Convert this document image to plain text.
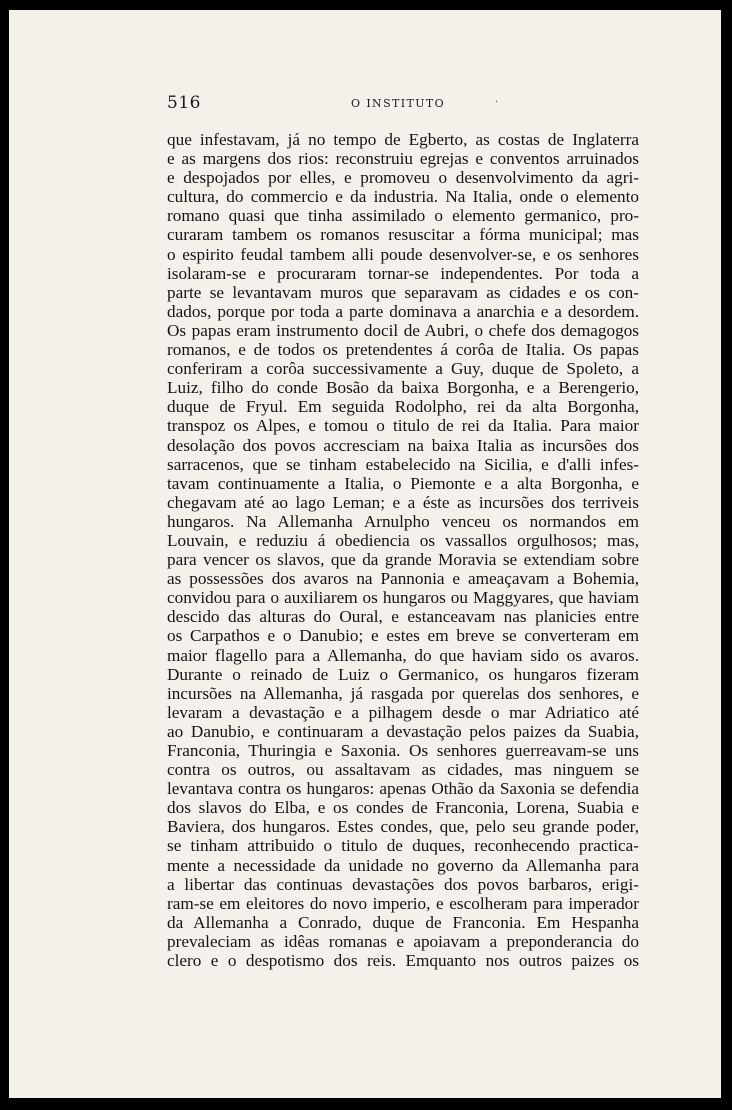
516	O INSTITUTO	·
que infestavam, já no tempo de Egberto, as costas de Inglaterra
e as margens dos rios: reconstruiu egrejas e conventos arruinados
e despojados por elles, e promoveu o desenvolvimento da agri-
cultura, do commercio e da industria. Na Italia, onde o elemento
romano quasi que tinha assimilado o elemento germanico, pro-
curaram tambem os romanos resuscitar a fórma municipal; mas
o espirito feudal tambem alli poude desenvolver-se, e os senhores
isolaram-se e procuraram tornar-se independentes. Por toda a
parte se levantavam muros que separavam as cidades e os con-
dados, porque por toda a parte dominava a anarchia e a desordem.
Os papas eram instrumento docil de Aubri, o chefe dos demagogos
romanos, e de todos os pretendentes á corôa de Italia. Os papas
conferiram a corôa successivamente a Guy, duque de Spoleto, a
Luiz, filho do conde Bosão da baixa Borgonha, e a Berengerio,
duque de Fryul. Em seguida Rodolpho, rei da alta Borgonha,
transpoz os Alpes, e tomou o titulo de rei da Italia. Para maior
desolação dos povos accresciam na baixa Italia as incursões dos
sarracenos, que se tinham estabelecido na Sicilia, e d'alli infes-
tavam continuamente a Italia, o Piemonte e a alta Borgonha, e
chegavam até ao lago Leman; e a éste as incursões dos terriveis
hungaros. Na Allemanha Arnulpho venceu os normandos em
Louvain, e reduziu á obediencia os vassallos orgulhosos; mas,
para vencer os slavos, que da grande Moravia se extendiam sobre
as possessões dos avaros na Pannonia e ameaçavam a Bohemia,
convidou para o auxiliarem os hungaros ou Maggyares, que haviam
descido das alturas do Oural, e estanceavam nas planicies entre
os Carpathos e o Danubio; e estes em breve se converteram em
maior flagello para a Allemanha, do que haviam sido os avaros.
Durante o reinado de Luiz o Germanico, os hungaros fizeram
incursões na Allemanha, já rasgada por querelas dos senhores, e
levaram a devastação e a pilhagem desde o mar Adriatico até
ao Danubio, e continuaram a devastação pelos paizes da Suabia,
Franconia, Thuringia e Saxonia. Os senhores guerreavam-se uns
contra os outros, ou assaltavam as cidades, mas ninguem se
levantava contra os hungaros: apenas Othão da Saxonia se defendia
dos slavos do Elba, e os condes de Franconia, Lorena, Suabia e
Baviera, dos hungaros. Estes condes, que, pelo seu grande poder,
se tinham attribuido o titulo de duques, reconhecendo practica-
mente a necessidade da unidade no governo da Allemanha para
a libertar das continuas devastações dos povos barbaros, erigi-
ram-se em eleitores do novo imperio, e escolheram para imperador
da Allemanha a Conrado, duque de Franconia. Em Hespanha
prevaleciam as idêas romanas e apoiavam a preponderancia do
clero e o despotismo dos reis. Emquanto nos outros paizes os
